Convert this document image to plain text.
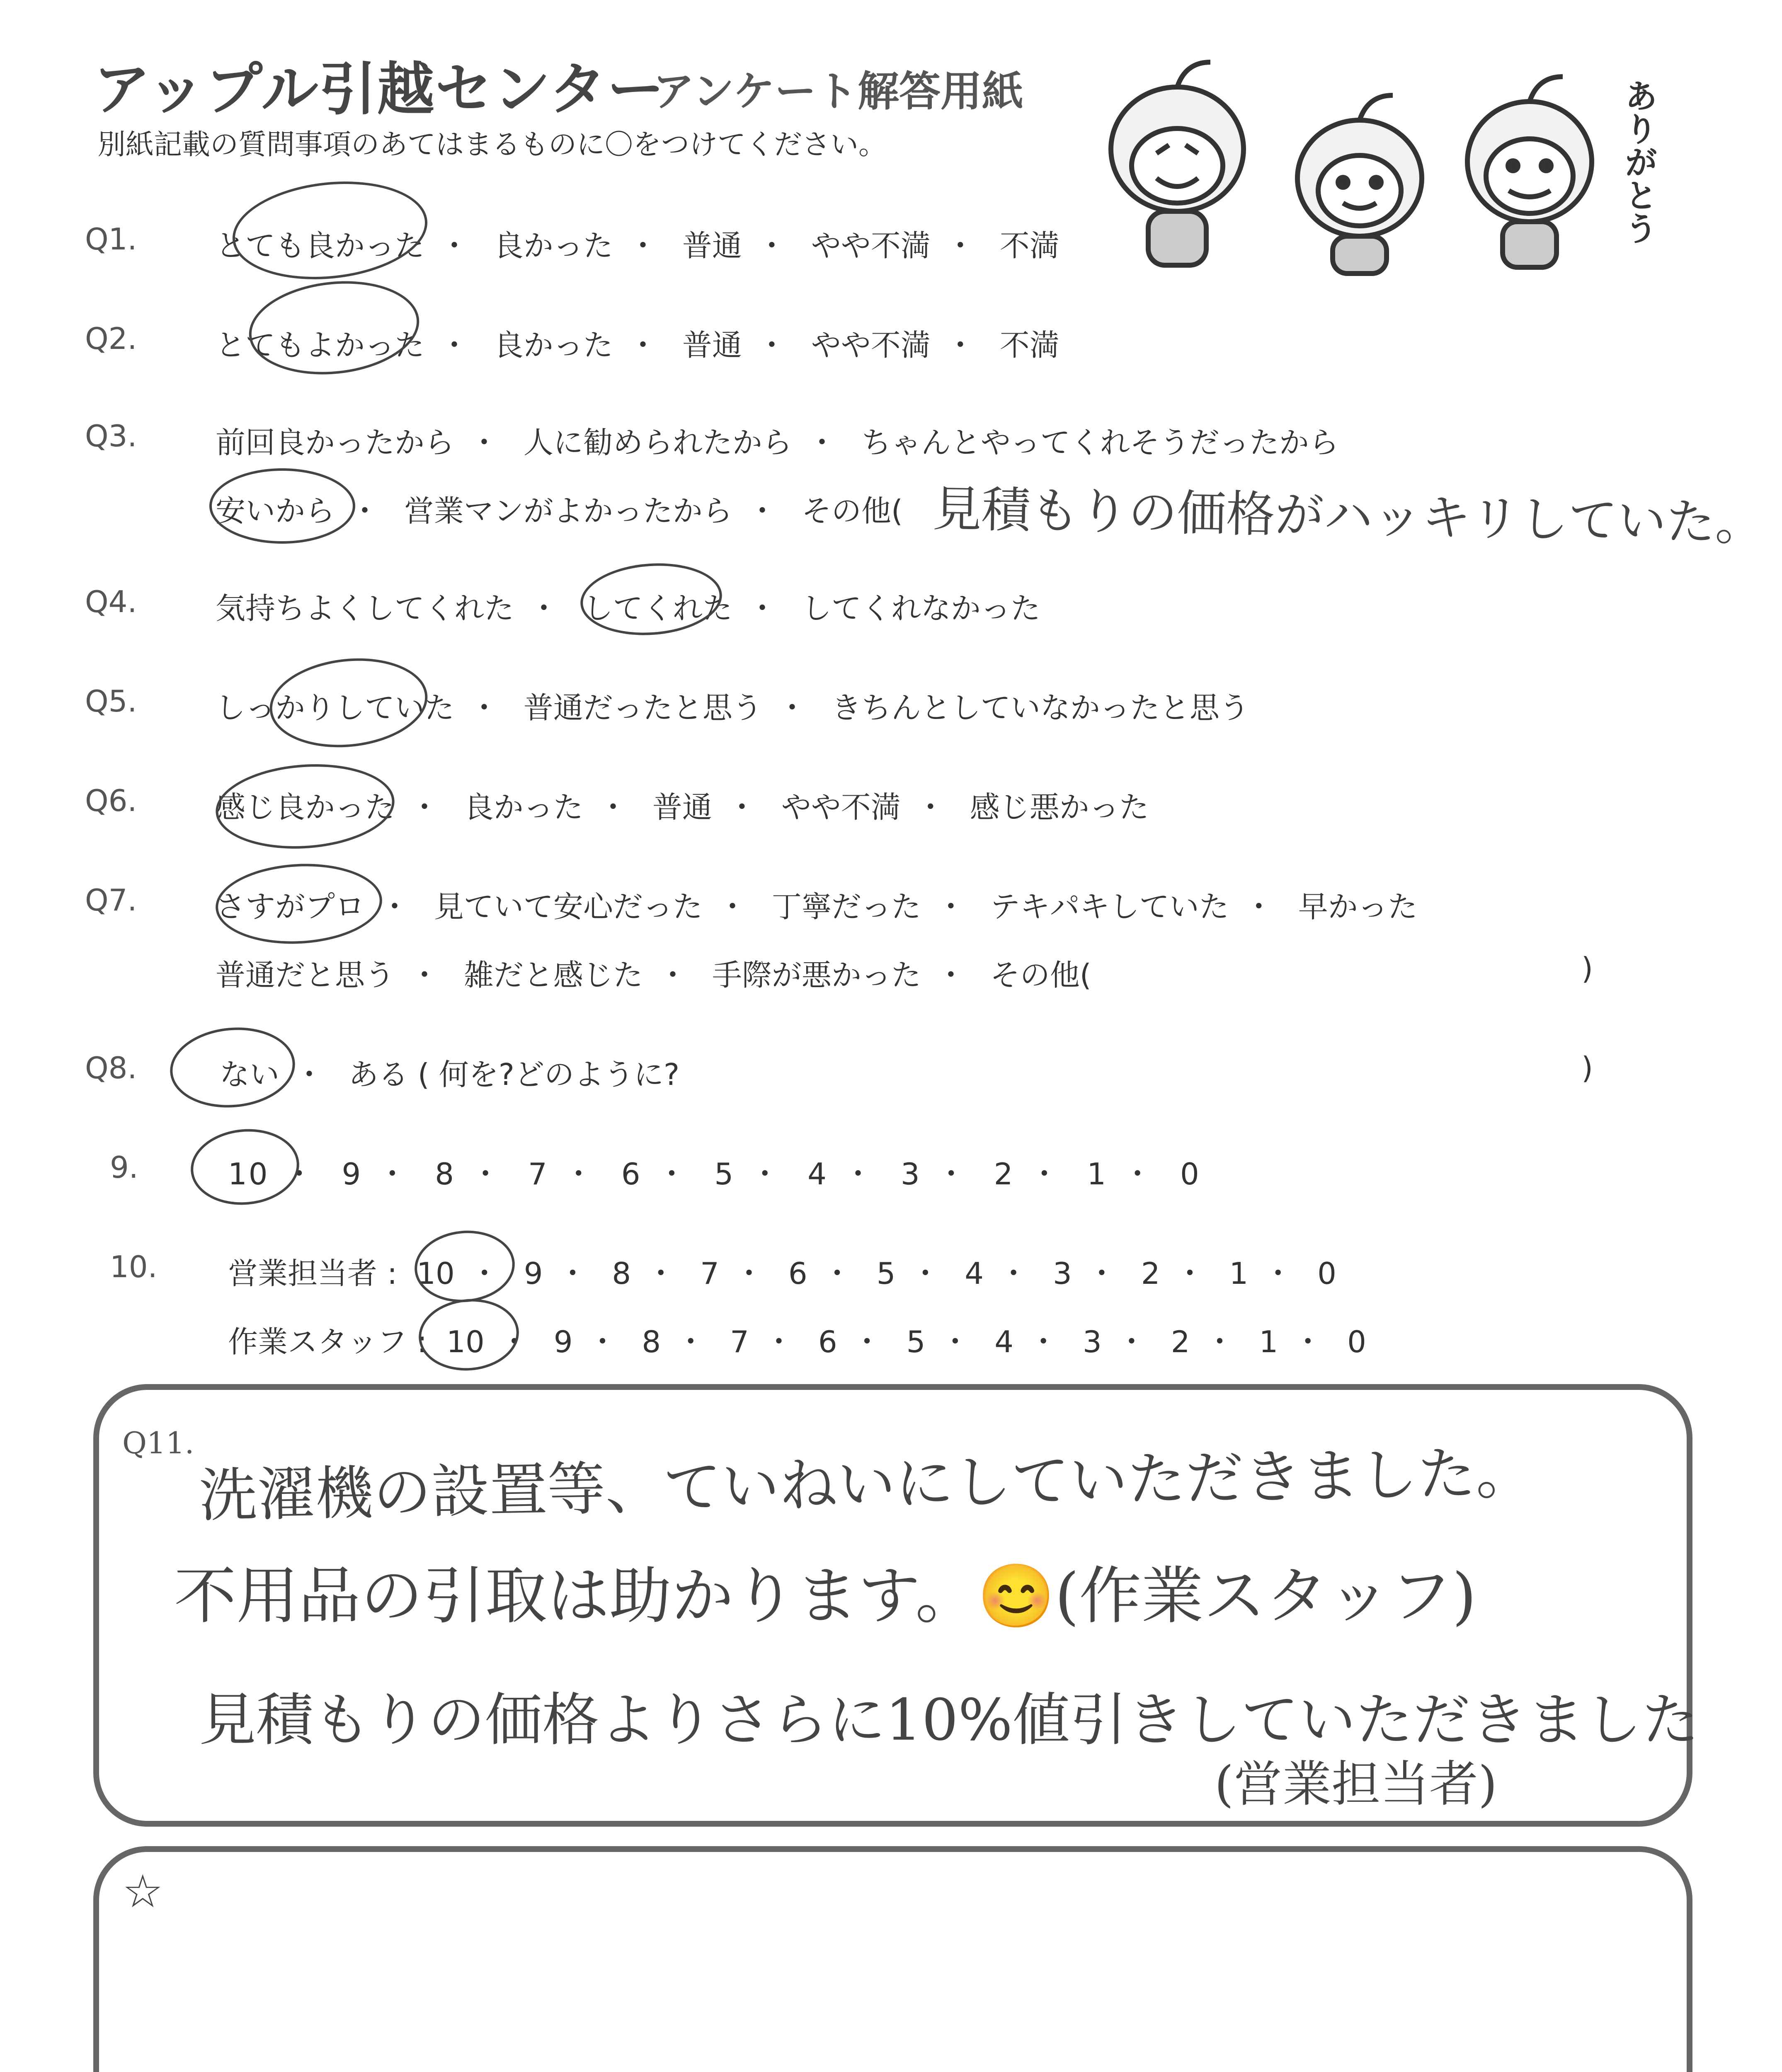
アップル引越センター
アンケート解答用紙
別紙記載の質問事項のあてはまるものに〇をつけてください。	ありがとう
Q1.	とても良かった ・ 良かった ・ 普通 ・ やや不満 ・ 不満
Q2.	とてもよかった ・ 良かった ・ 普通 ・ やや不満 ・ 不満
Q3.	前回良かったから ・ 人に勧められたから ・ ちゃんとやってくれそうだったから
安いから ・ 営業マンがよかったから ・ その他( 見積もりの価格がハッキリしていた。
Q4.	気持ちよくしてくれた ・ してくれた ・ してくれなかった
Q5.	しっかりしていた ・ 普通だったと思う ・ きちんとしていなかったと思う
Q6.	感じ良かった ・ 良かった ・ 普通 ・ やや不満 ・ 感じ悪かった
Q7.	さすがプロ ・ 見ていて安心だった ・ 丁寧だった ・ テキパキしていた ・ 早かった
普通だと思う ・ 雑だと感じた ・ 手際が悪かった ・ その他(	)
Q8.	ない ・ ある ( 何を?どのように?	)
9.	10 ・ 9 ・ 8 ・ 7 ・ 6 ・ 5 ・ 4 ・ 3 ・ 2 ・ 1 ・ 0
10. 営業担当者 : 10 ・ 9 ・ 8 ・ 7 ・ 6 ・ 5 ・ 4 ・ 3 ・ 2 ・ 1 ・ 0
作業スタッフ : 10 ・ 9 ・ 8 ・ 7 ・ 6 ・ 5 ・ 4 ・ 3 ・ 2 ・ 1 ・ 0
Q11. 洗濯機の設置等、ていねいにしていただきました。
不用品の引取は助かります。😊(作業スタッフ)
見積もりの価格よりさらに10%値引きしていただきました
(営業担当者)
☆
